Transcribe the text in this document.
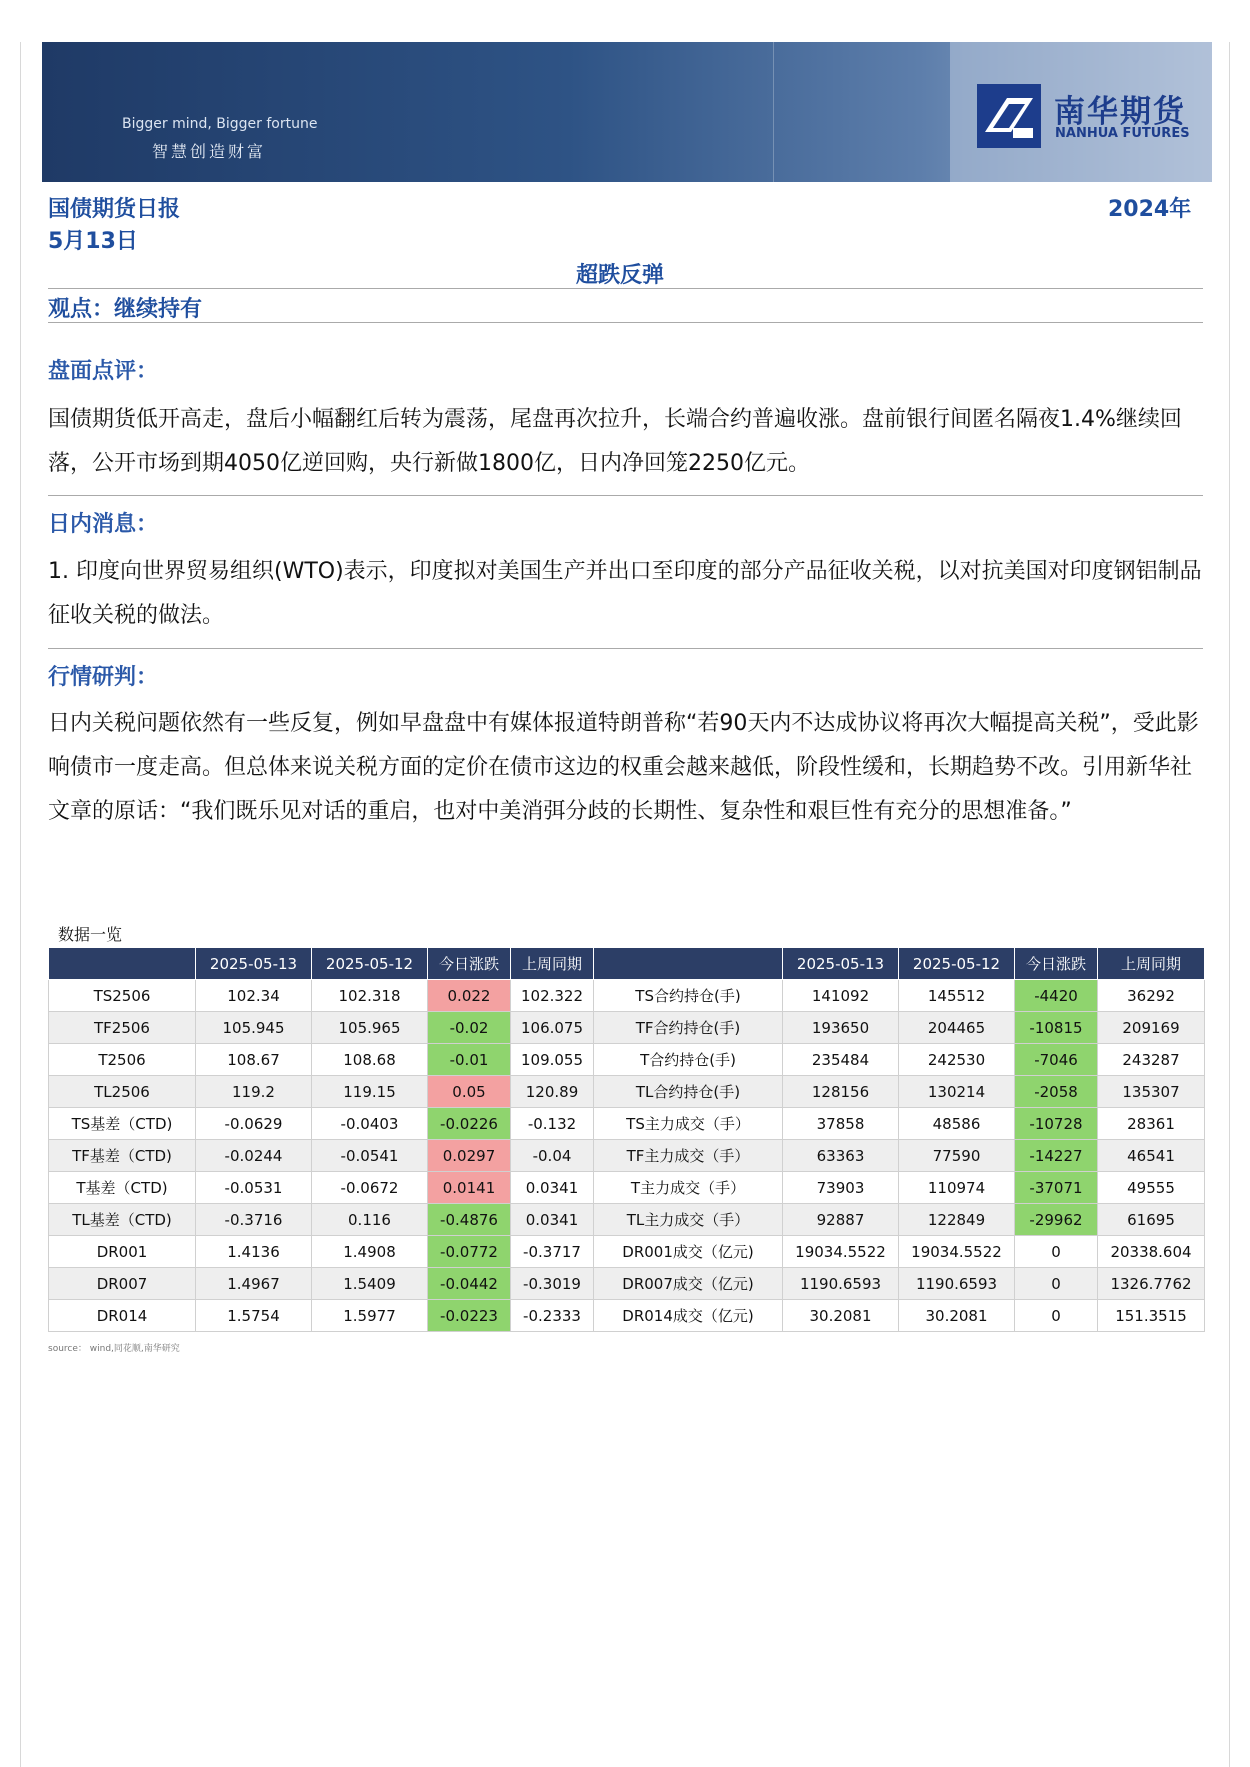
Bigger mind, Bigger fortune
智慧创造财富
南华期货
NANHUA FUTURES
国债期货日报	2024年
5月13日
超跌反弹
观点：继续持有
盘面点评：
国债期货低开高走，盘后小幅翻红后转为震荡，尾盘再次拉升，长端合约普遍收涨。盘前银行间匿名隔夜1.4%继续回落，公开市场到期4050亿逆回购，央行新做1800亿，日内净回笼2250亿元。
日内消息：
1. 印度向世界贸易组织(WTO)表示，印度拟对美国生产并出口至印度的部分产品征收关税，以对抗美国对印度钢铝制品征收关税的做法。
行情研判：
日内关税问题依然有一些反复，例如早盘盘中有媒体报道特朗普称“若90天内不达成协议将再次大幅提高关税”，受此影响债市一度走高。但总体来说关税方面的定价在债市这边的权重会越来越低，阶段性缓和，长期趋势不改。引用新华社文章的原话：“我们既乐见对话的重启，也对中美消弭分歧的长期性、复杂性和艰巨性有充分的思想准备。”
数据一览
	2025-05-13	2025-05-12	今日涨跌	上周同期		2025-05-13	2025-05-12	今日涨跌	上周同期
TS2506	102.34	102.318	0.022	102.322	TS合约持仓(手)	141092	145512	-4420	36292
TF2506	105.945	105.965	-0.02	106.075	TF合约持仓(手)	193650	204465	-10815	209169
T2506	108.67	108.68	-0.01	109.055	T合约持仓(手)	235484	242530	-7046	243287
TL2506	119.2	119.15	0.05	120.89	TL合约持仓(手)	128156	130214	-2058	135307
TS基差（CTD)	-0.0629	-0.0403	-0.0226	-0.132	TS主力成交（手）	37858	48586	-10728	28361
TF基差（CTD)	-0.0244	-0.0541	0.0297	-0.04	TF主力成交（手）	63363	77590	-14227	46541
T基差（CTD)	-0.0531	-0.0672	0.0141	0.0341	T主力成交（手）	73903	110974	-37071	49555
TL基差（CTD)	-0.3716	0.116	-0.4876	0.0341	TL主力成交（手）	92887	122849	-29962	61695
DR001	1.4136	1.4908	-0.0772	-0.3717	DR001成交（亿元)	19034.5522	19034.5522	0	20338.604
DR007	1.4967	1.5409	-0.0442	-0.3019	DR007成交（亿元)	1190.6593	1190.6593	0	1326.7762
DR014	1.5754	1.5977	-0.0223	-0.2333	DR014成交（亿元)	30.2081	30.2081	0	151.3515
source： wind,同花顺,南华研究
